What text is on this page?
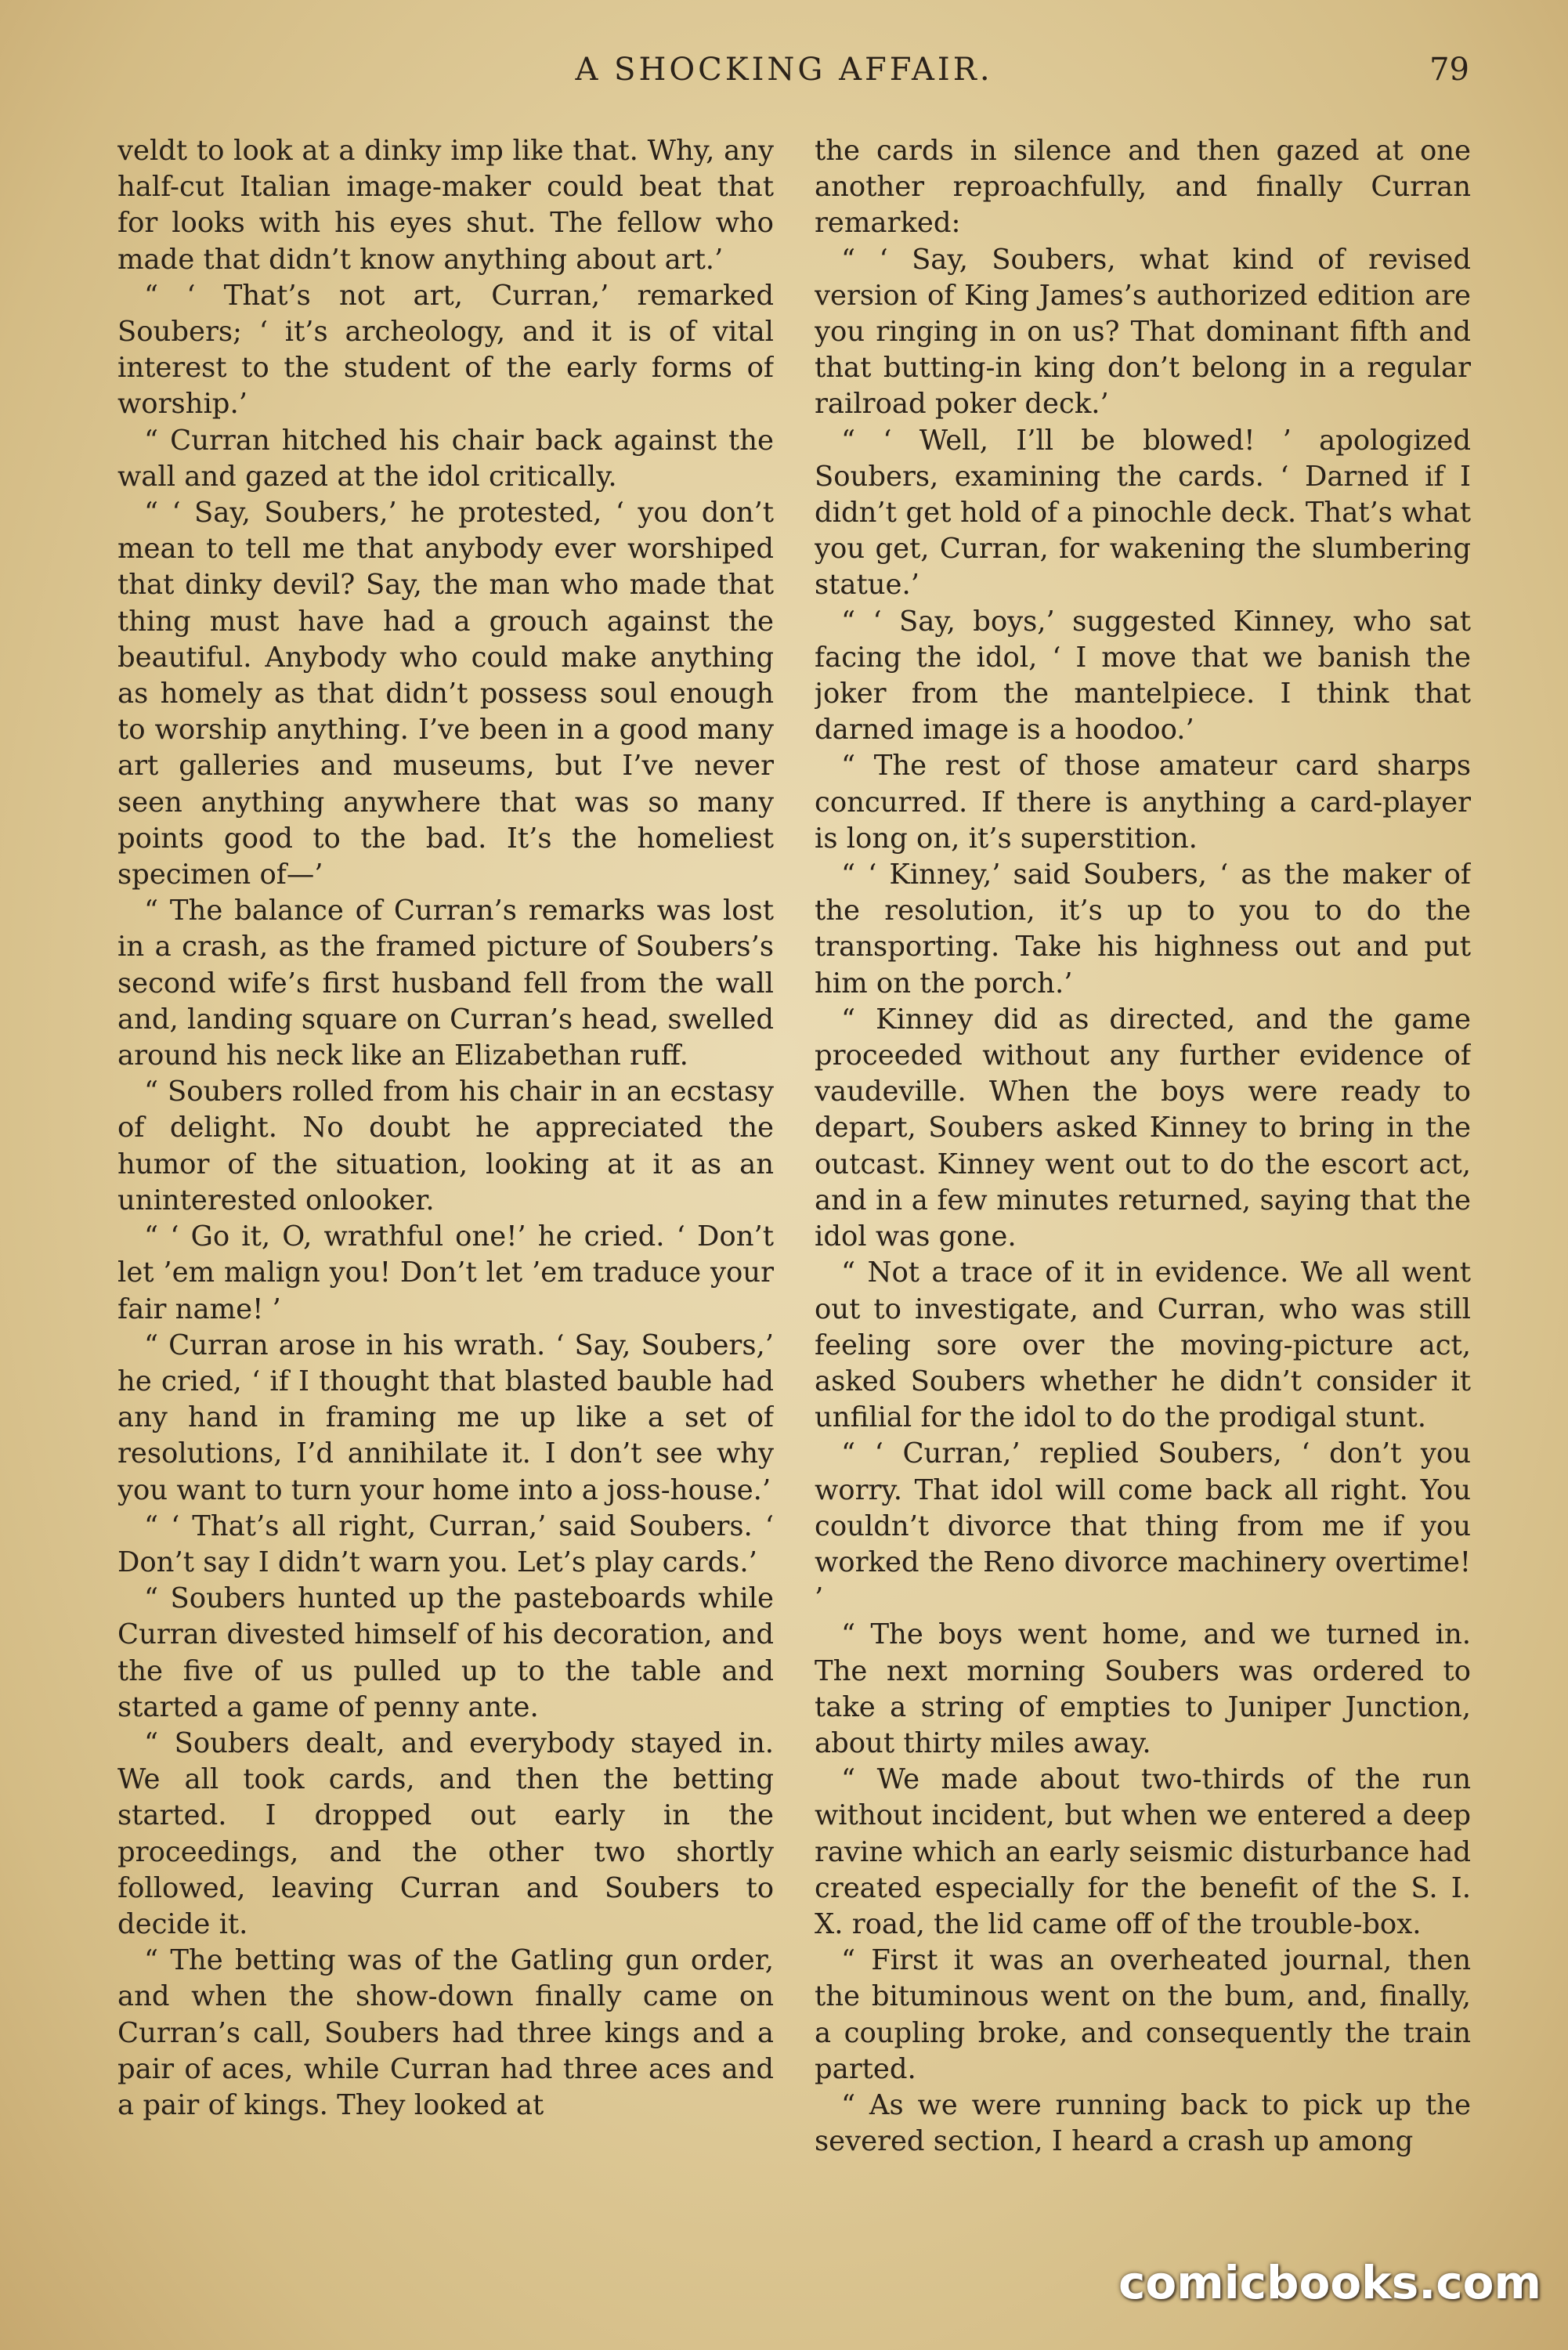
A SHOCKING AFFAIR.	79

veldt to look at a dinky imp like that. Why, any half-cut Italian image-maker could beat that for looks with his eyes shut. The fellow who made that didn’t know anything about art.’

“ ‘ That’s not art, Curran,’ remarked Soubers; ‘ it’s archeology, and it is of vital interest to the student of the early forms of worship.’

“ Curran hitched his chair back against the wall and gazed at the idol critically.

“ ‘ Say, Soubers,’ he protested, ‘ you don’t mean to tell me that anybody ever worshiped that dinky devil? Say, the man who made that thing must have had a grouch against the beautiful. Anybody who could make anything as homely as that didn’t possess soul enough to worship anything. I’ve been in a good many art galleries and museums, but I’ve never seen anything anywhere that was so many points good to the bad. It’s the homeliest specimen of—’

“ The balance of Curran’s remarks was lost in a crash, as the framed picture of Soubers’s second wife’s first husband fell from the wall and, landing square on Curran’s head, swelled around his neck like an Elizabethan ruff.

“ Soubers rolled from his chair in an ecstasy of delight. No doubt he appreciated the humor of the situation, looking at it as an uninterested onlooker.

“ ‘ Go it, O, wrathful one!’ he cried. ‘ Don’t let ’em malign you! Don’t let ’em traduce your fair name! ’

“ Curran arose in his wrath. ‘ Say, Soubers,’ he cried, ‘ if I thought that blasted bauble had any hand in framing me up like a set of resolutions, I’d annihilate it. I don’t see why you want to turn your home into a joss-house.’

“ ‘ That’s all right, Curran,’ said Soubers. ‘ Don’t say I didn’t warn you. Let’s play cards.’

“ Soubers hunted up the pasteboards while Curran divested himself of his decoration, and the five of us pulled up to the table and started a game of penny ante.

“ Soubers dealt, and everybody stayed in. We all took cards, and then the betting started. I dropped out early in the proceedings, and the other two shortly followed, leaving Curran and Soubers to decide it.

“ The betting was of the Gatling gun order, and when the show-down finally came on Curran’s call, Soubers had three kings and a pair of aces, while Curran had three aces and a pair of kings. They looked at

the cards in silence and then gazed at one another reproachfully, and finally Curran remarked:

“ ‘ Say, Soubers, what kind of revised version of King James’s authorized edition are you ringing in on us? That dominant fifth and that butting-in king don’t belong in a regular railroad poker deck.’

“ ‘ Well, I’ll be blowed! ’ apologized Soubers, examining the cards. ‘ Darned if I didn’t get hold of a pinochle deck. That’s what you get, Curran, for wakening the slumbering statue.’

“ ‘ Say, boys,’ suggested Kinney, who sat facing the idol, ‘ I move that we banish the joker from the mantelpiece. I think that darned image is a hoodoo.’

“ The rest of those amateur card sharps concurred. If there is anything a card-player is long on, it’s superstition.

“ ‘ Kinney,’ said Soubers, ‘ as the maker of the resolution, it’s up to you to do the transporting. Take his highness out and put him on the porch.’

“ Kinney did as directed, and the game proceeded without any further evidence of vaudeville. When the boys were ready to depart, Soubers asked Kinney to bring in the outcast. Kinney went out to do the escort act, and in a few minutes returned, saying that the idol was gone.

“ Not a trace of it in evidence. We all went out to investigate, and Curran, who was still feeling sore over the moving-picture act, asked Soubers whether he didn’t consider it unfilial for the idol to do the prodigal stunt.

“ ‘ Curran,’ replied Soubers, ‘ don’t you worry. That idol will come back all right. You couldn’t divorce that thing from me if you worked the Reno divorce machinery overtime! ’

“ The boys went home, and we turned in. The next morning Soubers was ordered to take a string of empties to Juniper Junction, about thirty miles away.

“ We made about two-thirds of the run without incident, but when we entered a deep ravine which an early seismic disturbance had created especially for the benefit of the S. I. X. road, the lid came off of the trouble-box.

“ First it was an overheated journal, then the bituminous went on the bum, and, finally, a coupling broke, and consequently the train parted.

“ As we were running back to pick up the severed section, I heard a crash up among

comicbooks.com
